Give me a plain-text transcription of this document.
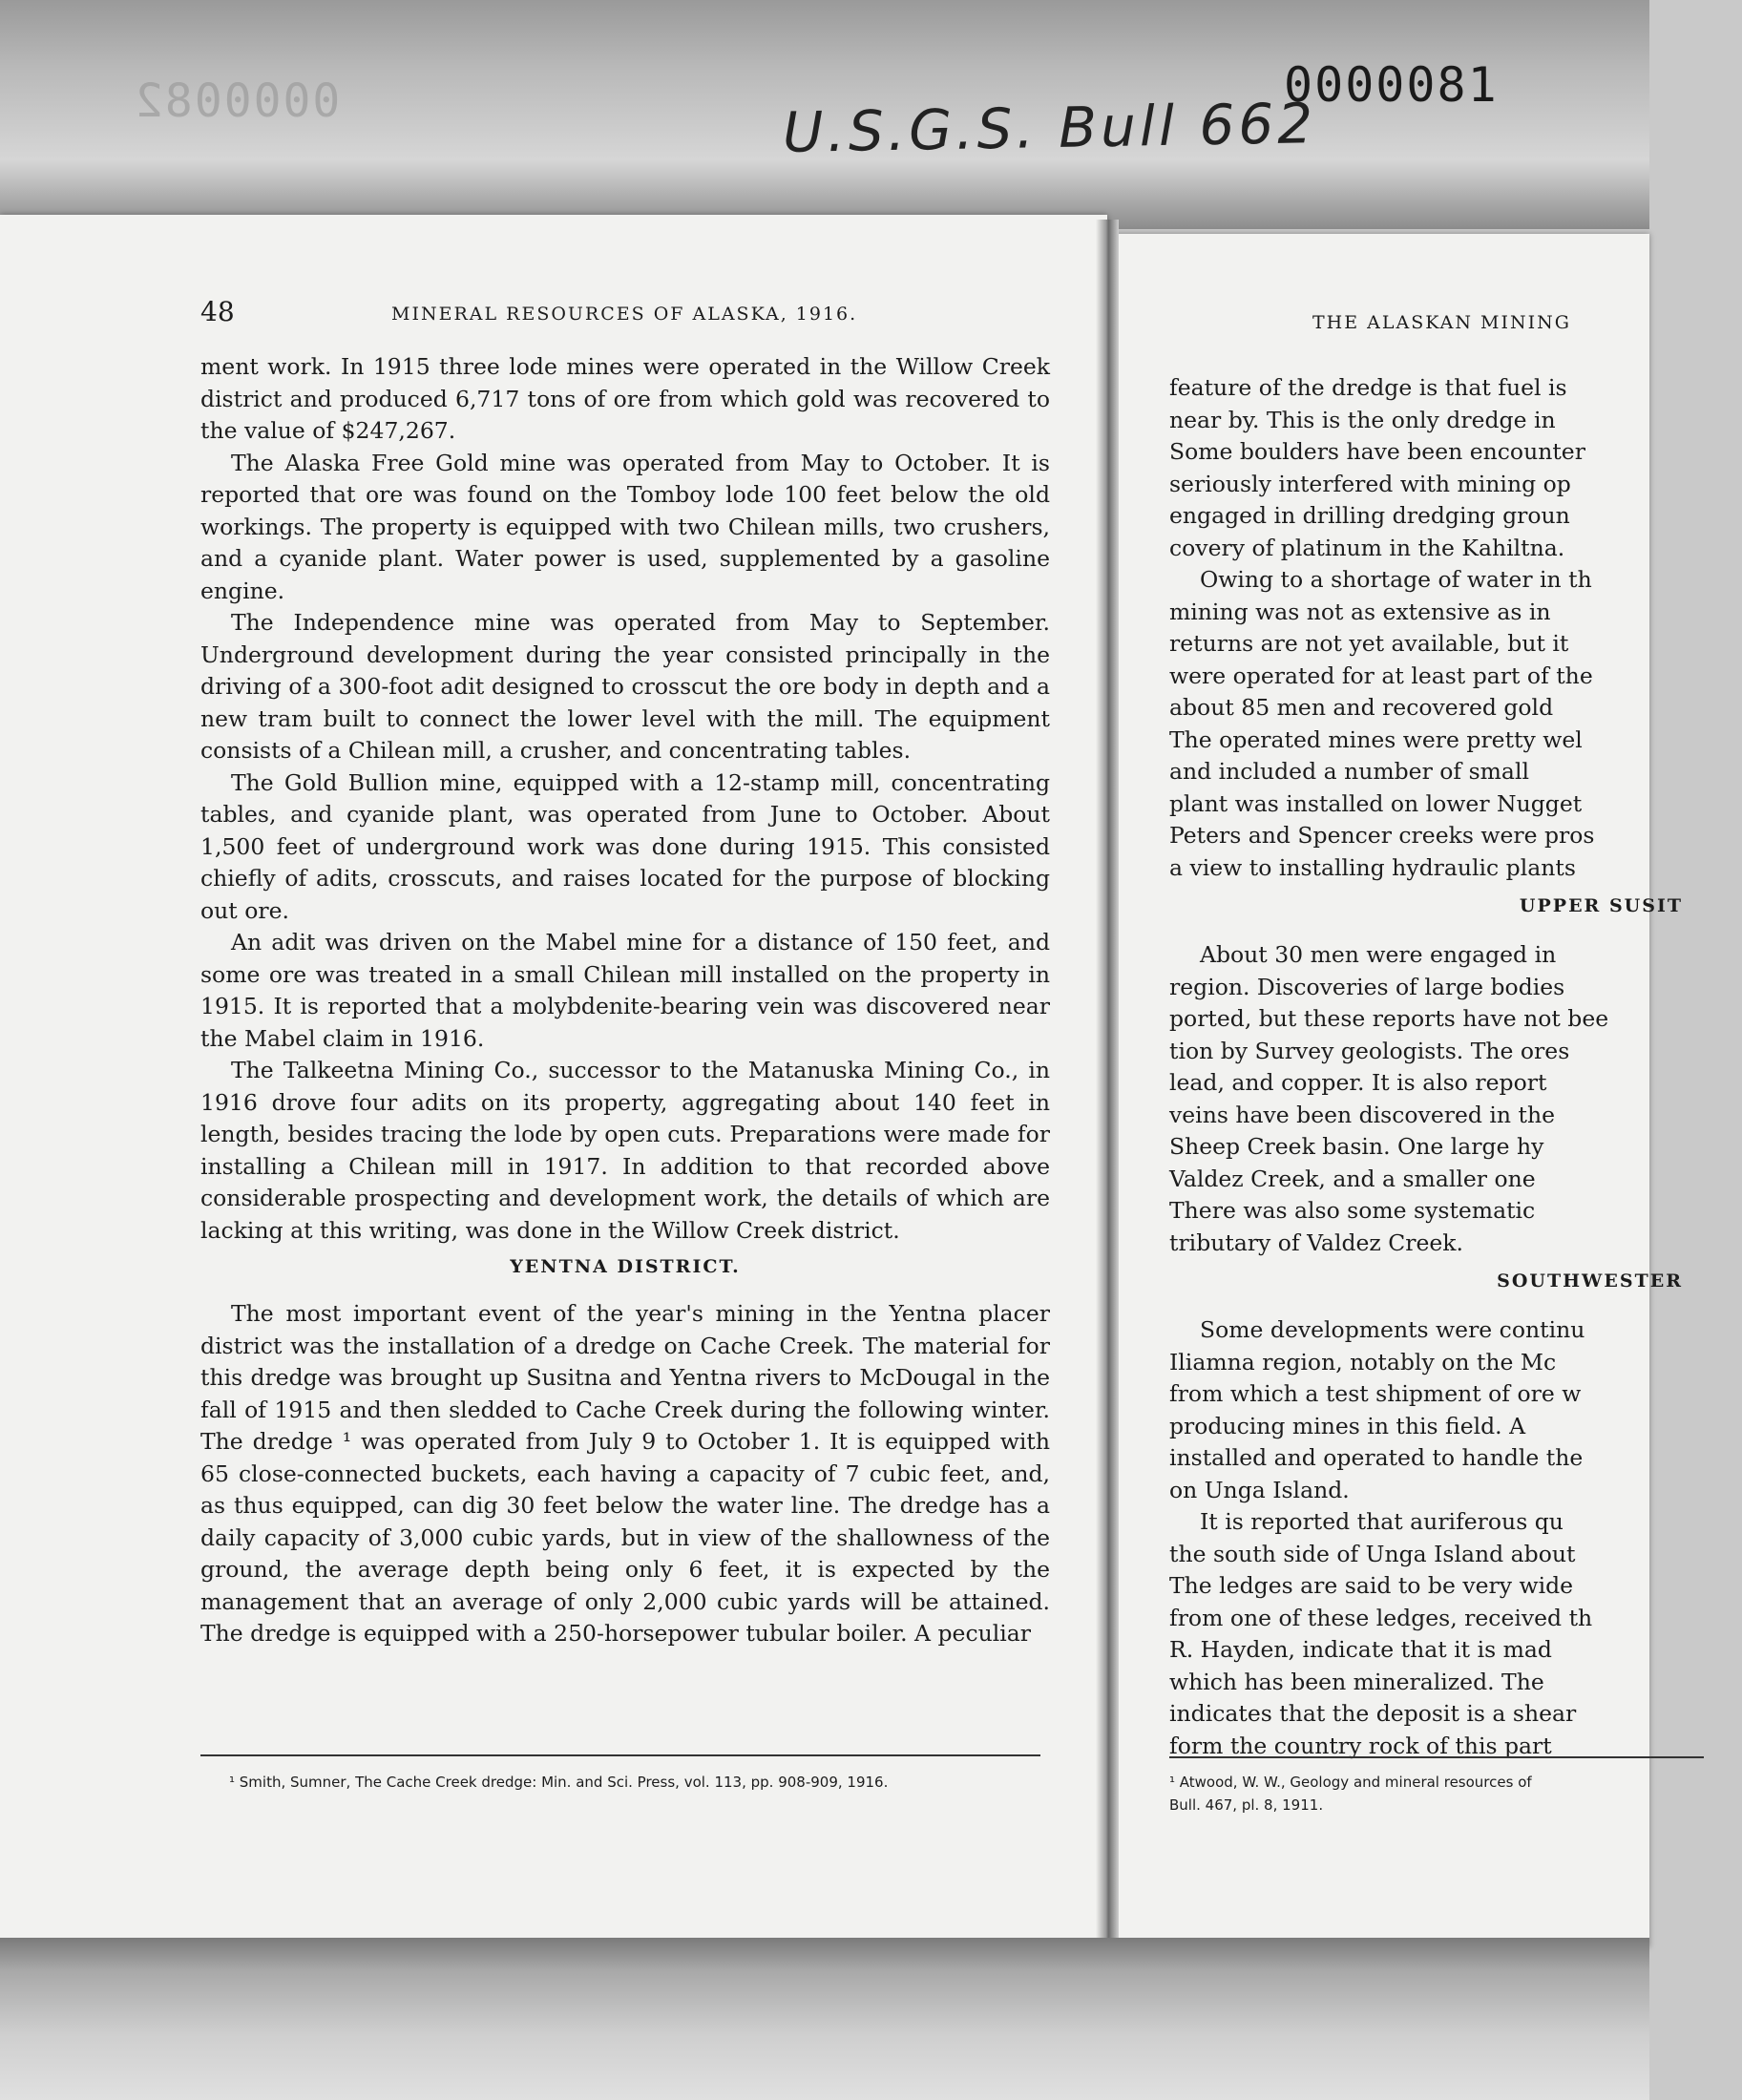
0000082	U.S.G.S. Bull 662
0000081
THE ALASKAN MINING
feature of the dredge is that fuel is
near by. This is the only dredge in
Some boulders have been encounter
seriously interfered with mining op
engaged in drilling dredging groun
covery of platinum in the Kahiltna.
Owing to a shortage of water in th
mining was not as extensive as in
returns are not yet available, but it
were operated for at least part of the
about 85 men and recovered gold
The operated mines were pretty wel
and included a number of small
plant was installed on lower Nugget
Peters and Spencer creeks were pros
a view to installing hydraulic plants
UPPER SUSIT
About 30 men were engaged in
region. Discoveries of large bodies
ported, but these reports have not bee
tion by Survey geologists. The ores
lead, and copper. It is also report
veins have been discovered in the
Sheep Creek basin. One large hy
Valdez Creek, and a smaller one
There was also some systematic
tributary of Valdez Creek.
SOUTHWESTER
Some developments were continu
Iliamna region, notably on the Mc
from which a test shipment of ore w
producing mines in this field. A
installed and operated to handle the
on Unga Island.
It is reported that auriferous qu
the south side of Unga Island about
The ledges are said to be very wide
from one of these ledges, received th
R. Hayden, indicate that it is mad
which has been mineralized. The
indicates that the deposit is a shear
form the country rock of this part
¹ Atwood, W. W., Geology and mineral resources of
Bull. 467, pl. 8, 1911.
48	MINERAL RESOURCES OF ALASKA, 1916.

ment work. In 1915 three lode mines were operated in the Willow Creek district and produced 6,717 tons of ore from which gold was recovered to the value of $247,267.

The Alaska Free Gold mine was operated from May to October. It is reported that ore was found on the Tomboy lode 100 feet below the old workings. The property is equipped with two Chilean mills, two crushers, and a cyanide plant. Water power is used, supplemented by a gasoline engine.

The Independence mine was operated from May to September. Underground development during the year consisted principally in the driving of a 300-foot adit designed to crosscut the ore body in depth and a new tram built to connect the lower level with the mill. The equipment consists of a Chilean mill, a crusher, and concentrating tables.

The Gold Bullion mine, equipped with a 12-stamp mill, concentrating tables, and cyanide plant, was operated from June to October. About 1,500 feet of underground work was done during 1915. This consisted chiefly of adits, crosscuts, and raises located for the purpose of blocking out ore.

An adit was driven on the Mabel mine for a distance of 150 feet, and some ore was treated in a small Chilean mill installed on the property in 1915. It is reported that a molybdenite-bearing vein was discovered near the Mabel claim in 1916.

The Talkeetna Mining Co., successor to the Matanuska Mining Co., in 1916 drove four adits on its property, aggregating about 140 feet in length, besides tracing the lode by open cuts. Preparations were made for installing a Chilean mill in 1917. In addition to that recorded above considerable prospecting and development work, the details of which are lacking at this writing, was done in the Willow Creek district.

YENTNA DISTRICT.

The most important event of the year's mining in the Yentna placer district was the installation of a dredge on Cache Creek. The material for this dredge was brought up Susitna and Yentna rivers to McDougal in the fall of 1915 and then sledded to Cache Creek during the following winter. The dredge ¹ was operated from July 9 to October 1. It is equipped with 65 close-connected buckets, each having a capacity of 7 cubic feet, and, as thus equipped, can dig 30 feet below the water line. The dredge has a daily capacity of 3,000 cubic yards, but in view of the shallowness of the ground, the average depth being only 6 feet, it is expected by the management that an average of only 2,000 cubic yards will be attained. The dredge is equipped with a 250-horsepower tubular boiler. A peculiar

¹ Smith, Sumner, The Cache Creek dredge: Min. and Sci. Press, vol. 113, pp. 908-909, 1916.
